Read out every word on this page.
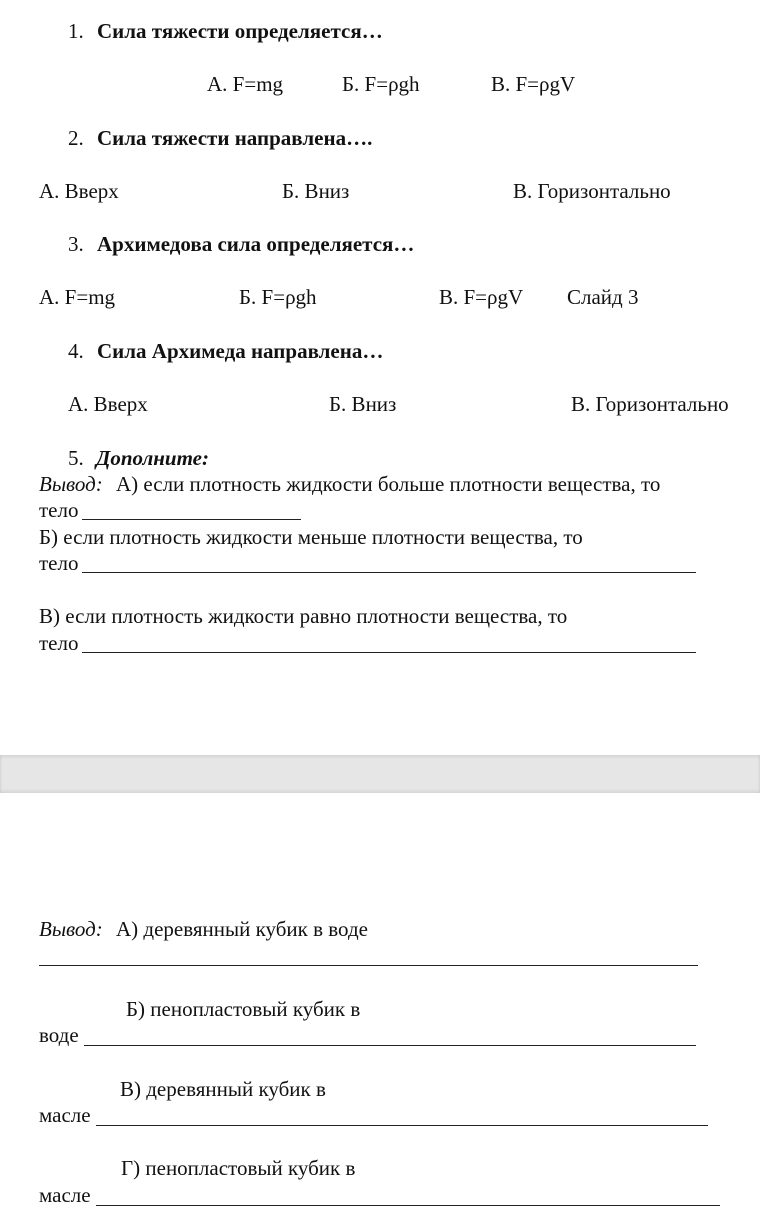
1. Сила тяжести определяется…
А. F=mg	Б. F=ρgh	В. F=ρgV
2. Сила тяжести направлена….
А. Вверх	Б. Вниз	В. Горизонтально
3. Архимедова сила определяется…
А. F=mg	Б. F=ρgh	В. F=ρgV Слайд 3
4. Сила Архимеда направлена…
А. Вверх	Б. Вниз	В. Горизонтально
5. Дополните:
Вывод: А) если плотность жидкости больше плотности вещества, то
тело
Б) если плотность жидкости меньше плотности вещества, то
тело
В) если плотность жидкости равно плотности вещества, то
тело
Вывод: А) деревянный кубик в воде
Б) пенопластовый кубик в
воде
В) деревянный кубик в
масле
Г) пенопластовый кубик в
масле
